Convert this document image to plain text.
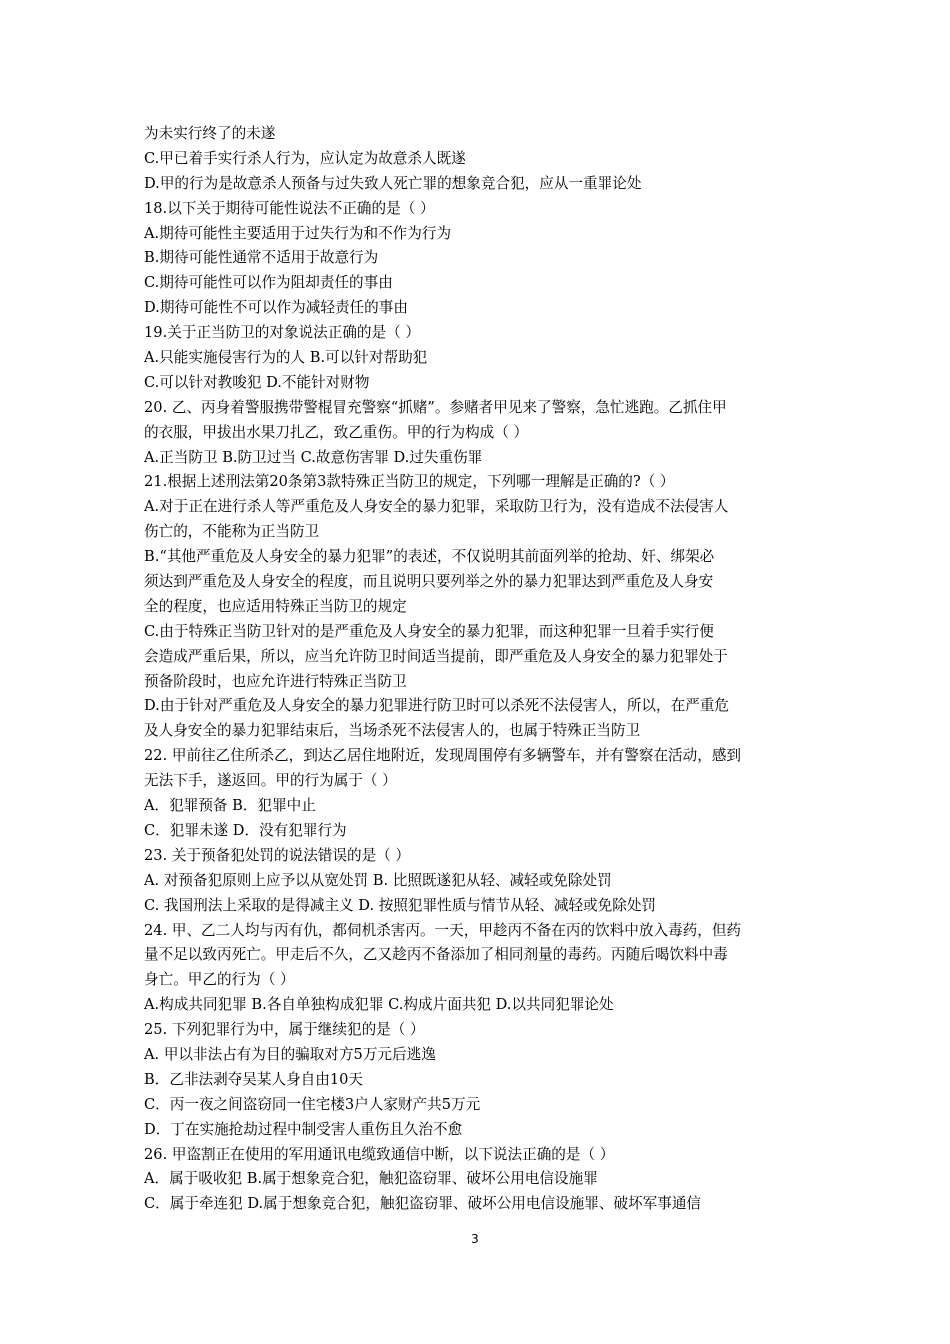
为未实行终了的未遂
C.甲已着手实行杀人行为，应认定为故意杀人既遂
D.甲的行为是故意杀人预备与过失致人死亡罪的想象竞合犯，应从一重罪论处
18.以下关于期待可能性说法不正确的是（ ）
A.期待可能性主要适用于过失行为和不作为行为
B.期待可能性通常不适用于故意行为
C.期待可能性可以作为阻却责任的事由
D.期待可能性不可以作为减轻责任的事由
19.关于正当防卫的对象说法正确的是（ ）
A.只能实施侵害行为的人 B.可以针对帮助犯
C.可以针对教唆犯 D.不能针对财物
20. 乙、丙身着警服携带警棍冒充警察“抓赌”。参赌者甲见来了警察，急忙逃跑。乙抓住甲
的衣服，甲拔出水果刀扎乙，致乙重伤。甲的行为构成（ ）
A.正当防卫 B.防卫过当 C.故意伤害罪 D.过失重伤罪
21.根据上述刑法第20条第3款特殊正当防卫的规定，下列哪一理解是正确的?（ ）
A.对于正在进行杀人等严重危及人身安全的暴力犯罪，采取防卫行为，没有造成不法侵害人
伤亡的，不能称为正当防卫
B.“其他严重危及人身安全的暴力犯罪”的表述，不仅说明其前面列举的抢劫、奸、绑架必
须达到严重危及人身安全的程度，而且说明只要列举之外的暴力犯罪达到严重危及人身安
全的程度，也应适用特殊正当防卫的规定
C.由于特殊正当防卫针对的是严重危及人身安全的暴力犯罪，而这种犯罪一旦着手实行便
会造成严重后果，所以，应当允许防卫时间适当提前，即严重危及人身安全的暴力犯罪处于
预备阶段时，也应允许进行特殊正当防卫
D.由于针对严重危及人身安全的暴力犯罪进行防卫时可以杀死不法侵害人，所以，在严重危
及人身安全的暴力犯罪结束后，当场杀死不法侵害人的，也属于特殊正当防卫
22. 甲前往乙住所杀乙，到达乙居住地附近，发现周围停有多辆警车，并有警察在活动，感到
无法下手，遂返回。甲的行为属于（ ）
A．犯罪预备 B．犯罪中止
C．犯罪未遂 D．没有犯罪行为
23. 关于预备犯处罚的说法错误的是（ ）
A. 对预备犯原则上应予以从宽处罚 B. 比照既遂犯从轻、减轻或免除处罚
C. 我国刑法上采取的是得减主义 D. 按照犯罪性质与情节从轻、减轻或免除处罚
24. 甲、乙二人均与丙有仇，都伺机杀害丙。一天，甲趁丙不备在丙的饮料中放入毒药，但药
量不足以致丙死亡。甲走后不久，乙又趁丙不备添加了相同剂量的毒药。丙随后喝饮料中毒
身亡。甲乙的行为（ ）
A.构成共同犯罪 B.各自单独构成犯罪 C.构成片面共犯 D.以共同犯罪论处
25. 下列犯罪行为中，属于继续犯的是（ ）
A. 甲以非法占有为目的骗取对方5万元后逃逸
B．乙非法剥夺吴某人身自由10天
C．丙一夜之间盗窃同一住宅楼3户人家财产共5万元
D．丁在实施抢劫过程中制受害人重伤且久治不愈
26. 甲盗割正在使用的军用通讯电缆致通信中断，以下说法正确的是（ ）
A．属于吸收犯 B.属于想象竞合犯，触犯盗窃罪、破坏公用电信设施罪
C．属于牵连犯 D.属于想象竞合犯，触犯盗窃罪、破坏公用电信设施罪、破坏军事通信
3
